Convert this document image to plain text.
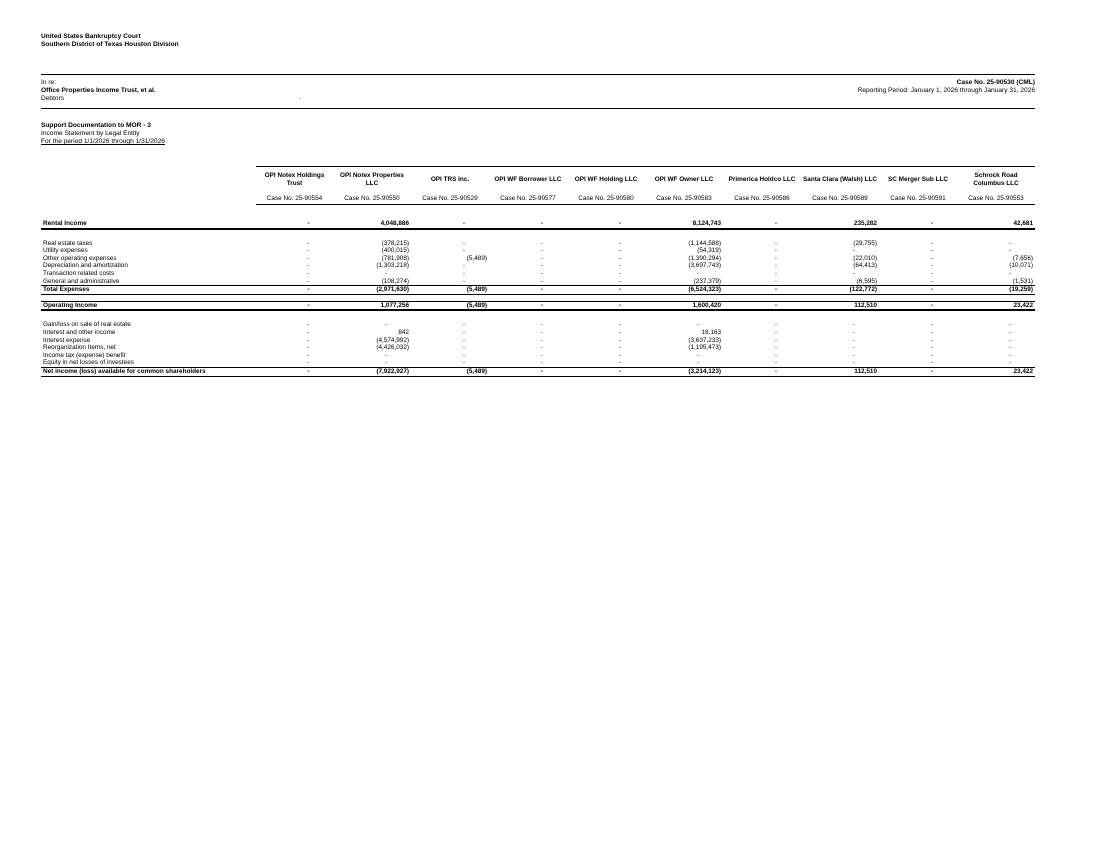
United States Bankruptcy Court
Southern District of Texas Houston Division
In re:
Office Properties Income Trust, et al.
Debtors	.
Case No. 25-90530 (CML)
Reporting Period: January 1, 2026 through January 31, 2026
Support Documentation to MOR - 3
Income Statement by Legal Entity
For the period 1/1/2026 through 1/31/2026
	OPI Notex Holdings Trust	OPI Notex Properties LLC	OPI TRS Inc.	OPI WF Borrower LLC	OPI WF Holding LLC	OPI WF Owner LLC	Primerica Holdco LLC	Santa Clara (Walsh) LLC	SC Merger Sub LLC	Schrock Road Columbus LLC
	Case No. 25-90554	Case No. 25-90550	Case No. 25-90529	Case No. 25-90577	Case No. 25-90580	Case No. 25-90583	Case No. 25-90586	Case No. 25-90589	Case No. 25-90591	Case No. 25-90553

Rental Income	-	4,048,886	-	-	-	8,124,743	-	235,282	-	42,681

Real estate taxes	-	(378,215)	-	-	-	(1,144,588)	-	(29,755)	-	-
Utility expenses	-	(400,015)	-	-	-	(54,319)	-	-	-	-
Other operating expenses	-	(781,908)	(5,489)	-	-	(1,390,294)	-	(22,010)	-	(7,656)
Depreciation and amortization	-	(1,303,218)	-	-	-	(3,697,743)	-	(64,413)	-	(10,071)
Transaction related costs	-	-	-	-	-	-	-	-	-	-
General and administrative	-	(108,274)	-	-	-	(237,379)	-	(6,595)	-	(1,531)
Total Expenses	-	(2,971,630)	(5,489)	-	-	(6,524,323)	-	(122,772)	-	(19,259)

Operating Income	-	1,077,256	(5,489)	-	-	1,600,420	-	112,510	-	23,422

Gain/loss on sale of real estate	-	-	-	-	-	-	-	-	-	-
Interest and other income	-	842	-	-	-	18,163	-	-	-	-
Interest expense	-	(4,574,992)	-	-	-	(3,637,233)	-	-	-	-
Reorganization Items, net	-	(4,426,032)	-	-	-	(1,195,473)	-	-	-	-
Income tax (expense) benefit	-	-	-	-	-	-	-	-	-	-
Equity in net losses of investees	-	-	-	-	-	-	-	-	-	-
Net income (loss) available for common shareholders	-	(7,922,927)	(5,489)	-	-	(3,214,123)	-	112,510	-	23,422
